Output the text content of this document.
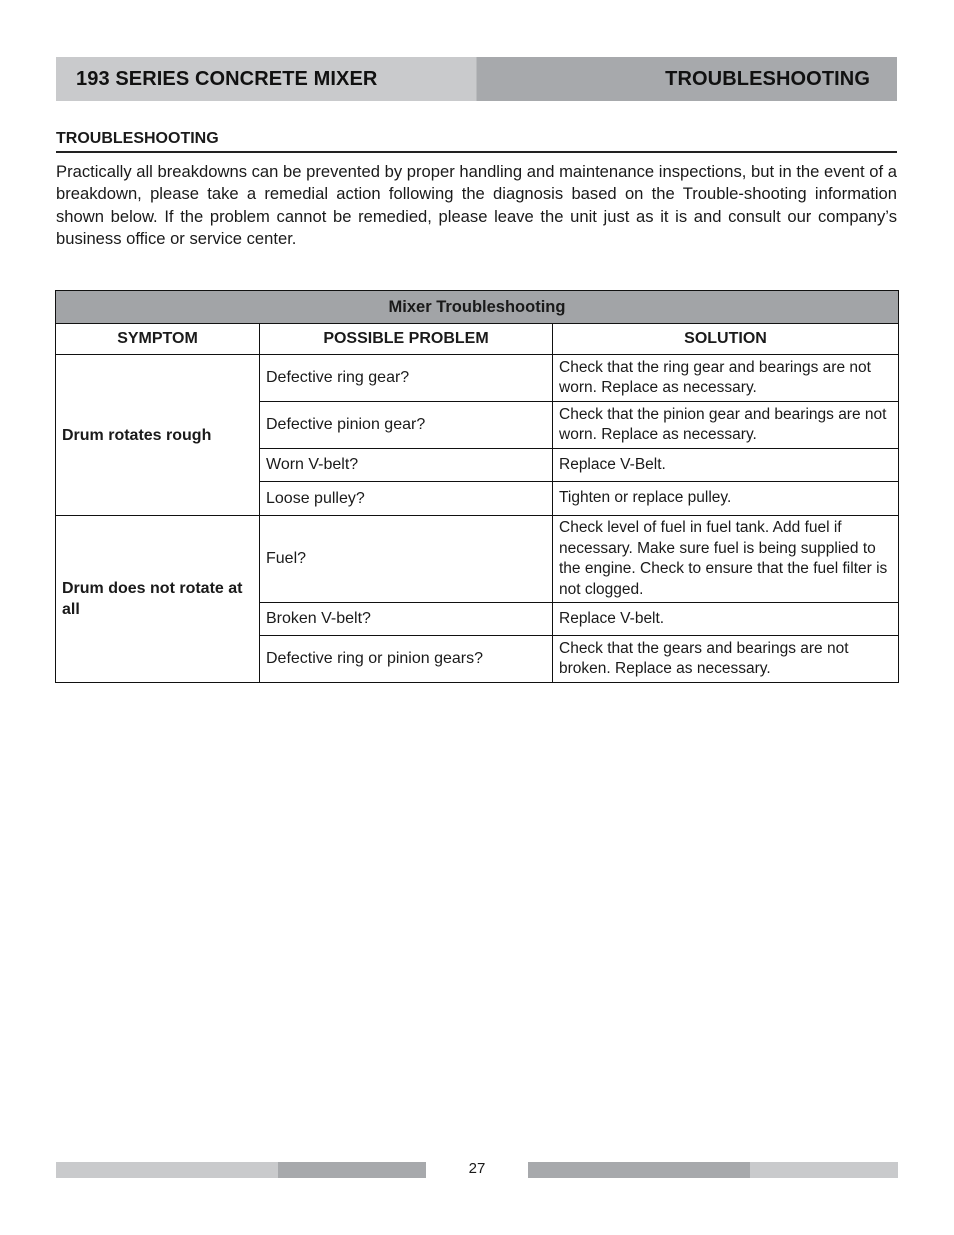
193 SERIES CONCRETE MIXER	TROUBLESHOOTING
TROUBLESHOOTING

Practically all breakdowns can be prevented by proper handling and maintenance inspections, but in the event of a breakdown, please take a remedial action following the diagnosis based on the Trouble-shooting information shown below. If the problem cannot be remedied, please leave the unit just as it is and consult our company’s business office or service center.

Mixer Troubleshooting		
SYMPTOM	POSSIBLE PROBLEM	SOLUTION
Drum rotates rough	Defective ring gear?	Check that the ring gear and bearings are not worn. Replace as necessary.
	Defective pinion gear?	Check that the pinion gear and bearings are not worn. Replace as necessary.
	Worn V-belt?	Replace V-Belt.
	Loose pulley?	Tighten or replace pulley.
Drum does not rotate at all	Fuel?	Check level of fuel in fuel tank. Add fuel if necessary. Make sure fuel is being supplied to the engine. Check to ensure that the fuel filter is not clogged.
	Broken V-belt?	Replace V-belt.
	Defective ring or pinion gears?	Check that the gears and bearings are not broken. Replace as necessary.
27
